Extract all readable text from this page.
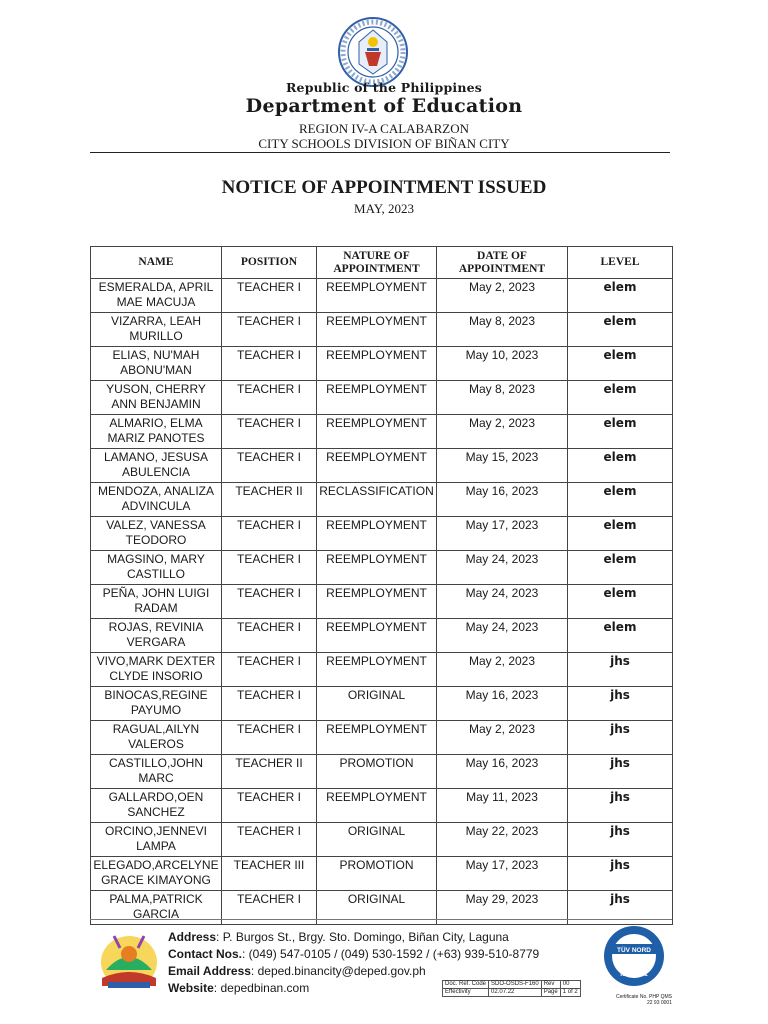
Republic of the Philippines
Department of Education
REGION IV-A CALABARZON
CITY SCHOOLS DIVISION OF BIÑAN CITY
NOTICE OF APPOINTMENT ISSUED
MAY, 2023
NAME	POSITION	NATURE OF APPOINTMENT	DATE OF APPOINTMENT	LEVEL
ESMERALDA, APRIL MAE MACUJA	TEACHER I	REEMPLOYMENT	May 2, 2023	elem
VIZARRA, LEAH MURILLO	TEACHER I	REEMPLOYMENT	May 8, 2023	elem
ELIAS, NU'MAH ABONU'MAN	TEACHER I	REEMPLOYMENT	May 10, 2023	elem
YUSON, CHERRY ANN BENJAMIN	TEACHER I	REEMPLOYMENT	May 8, 2023	elem
ALMARIO, ELMA MARIZ PANOTES	TEACHER I	REEMPLOYMENT	May 2, 2023	elem
LAMANO, JESUSA ABULENCIA	TEACHER I	REEMPLOYMENT	May 15, 2023	elem
MENDOZA, ANALIZA ADVINCULA	TEACHER II	RECLASSIFICATION	May 16, 2023	elem
VALEZ, VANESSA TEODORO	TEACHER I	REEMPLOYMENT	May 17, 2023	elem
MAGSINO, MARY CASTILLO	TEACHER I	REEMPLOYMENT	May 24, 2023	elem
PEÑA, JOHN LUIGI RADAM	TEACHER I	REEMPLOYMENT	May 24, 2023	elem
ROJAS, REVINIA VERGARA	TEACHER I	REEMPLOYMENT	May 24, 2023	elem
VIVO,MARK DEXTER CLYDE INSORIO	TEACHER I	REEMPLOYMENT	May 2, 2023	jhs
BINOCAS,REGINE PAYUMO	TEACHER I	ORIGINAL	May 16, 2023	jhs
RAGUAL,AILYN VALEROS	TEACHER I	REEMPLOYMENT	May 2, 2023	jhs
CASTILLO,JOHN MARC	TEACHER II	PROMOTION	May 16, 2023	jhs
GALLARDO,OEN SANCHEZ	TEACHER I	REEMPLOYMENT	May 11, 2023	jhs
ORCINO,JENNEVI LAMPA	TEACHER I	ORIGINAL	May 22, 2023	jhs
ELEGADO,ARCELYNE GRACE KIMAYONG	TEACHER III	PROMOTION	May 17, 2023	jhs
PALMA,PATRICK GARCIA	TEACHER I	ORIGINAL	May 29, 2023	jhs
Address: P. Burgos St., Brgy. Sto. Domingo, Biñan City, Laguna
Contact Nos.: (049) 547-0105 / (049) 530-1592 / (+63) 939-510-8779
Email Address: deped.binancity@deped.gov.ph
Website: depedbinan.com	Doc. Ref. Code	SDO-OSDS-F160	Rev	00
Effectivity	02.07.22	Page	1 of 2
TÜV NORD
ISO 9001
Certificate No. PHP QMS 22 93 0001
